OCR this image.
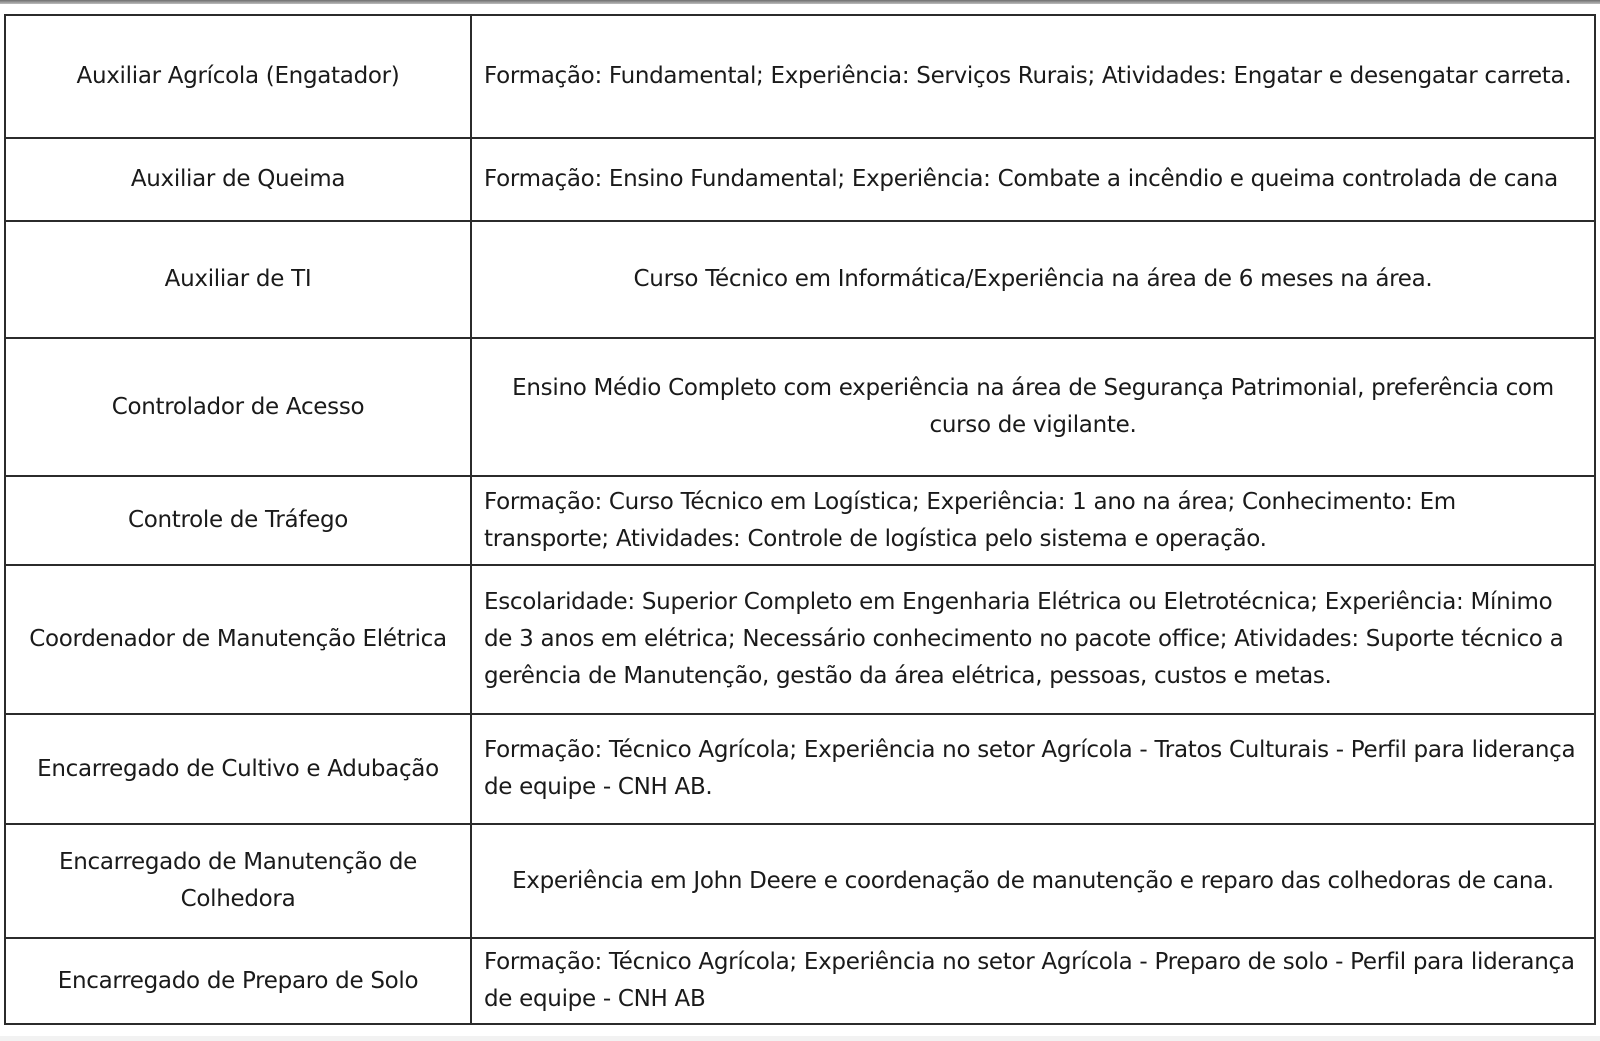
Auxiliar Agrícola (Engatador)	Formação: Fundamental; Experiência: Serviços Rurais; Atividades: Engatar e desengatar carreta.
Auxiliar de Queima	Formação: Ensino Fundamental; Experiência: Combate a incêndio e queima controlada de cana
Auxiliar de TI	Curso Técnico em Informática/Experiência na área de 6 meses na área.
Controlador de Acesso	Ensino Médio Completo com experiência na área de Segurança Patrimonial, preferência com curso de vigilante.
Controle de Tráfego	Formação: Curso Técnico em Logística; Experiência: 1 ano na área; Conhecimento: Em transporte; Atividades: Controle de logística pelo sistema e operação.
Coordenador de Manutenção Elétrica	Escolaridade: Superior Completo em Engenharia Elétrica ou Eletrotécnica; Experiência: Mínimo de 3 anos em elétrica; Necessário conhecimento no pacote office; Atividades: Suporte técnico a gerência de Manutenção, gestão da área elétrica, pessoas, custos e metas.
Encarregado de Cultivo e Adubação	Formação: Técnico Agrícola; Experiência no setor Agrícola - Tratos Culturais - Perfil para liderança de equipe - CNH AB.
Encarregado de Manutenção de Colhedora	Experiência em John Deere e coordenação de manutenção e reparo das colhedoras de cana.
Encarregado de Preparo de Solo	Formação: Técnico Agrícola; Experiência no setor Agrícola - Preparo de solo - Perfil para liderança de equipe - CNH AB
